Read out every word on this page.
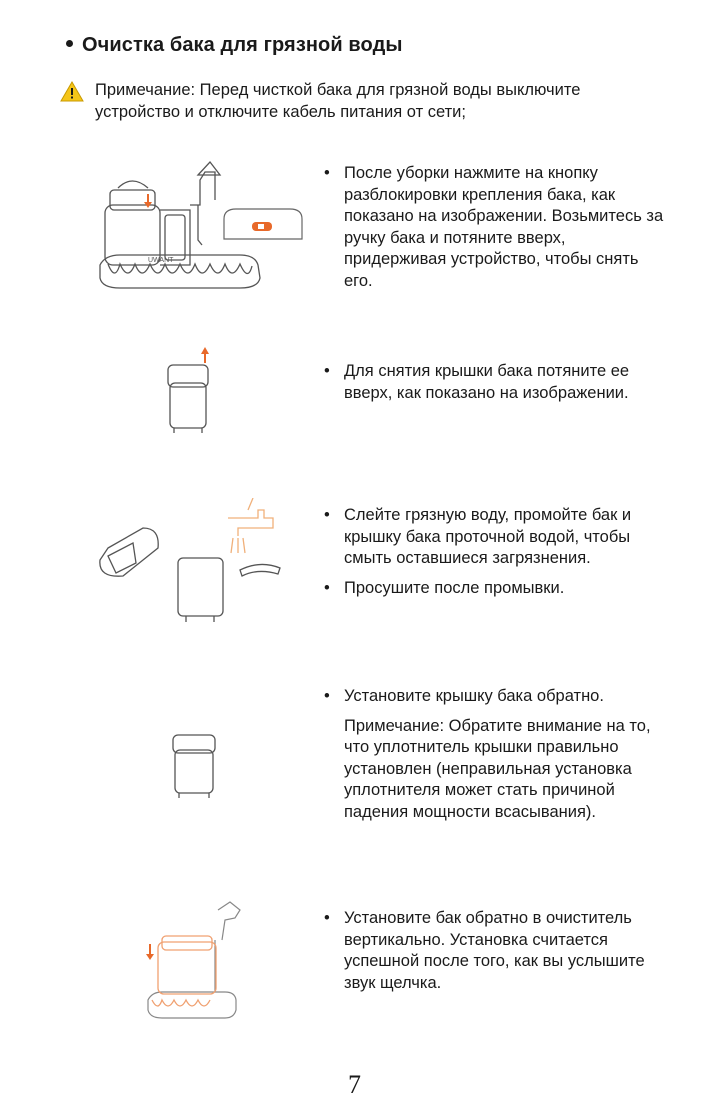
Очистка бака для грязной воды
Примечание: Перед чисткой бака для грязной воды выключите устройство и отключите кабель питания от сети;
UWANT
• После уборки нажмите на кнопку разблокировки крепления бака, как показано на изображении. Возьмитесь за ручку бака и потяните вверх, придерживая устройство, чтобы снять его.
• Для снятия крышки бака потяните ее вверх, как показано на изображении.
• Слейте грязную воду, промойте бак и крышку бака проточной водой, чтобы смыть оставшиеся загрязнения.
• Просушите после промывки.
• Установите крышку бака обратно.
Примечание: Обратите внимание на то, что уплотнитель крышки правильно установлен (неправильная установка уплотнителя может стать причиной падения мощности всасывания).
• Установите бак обратно в очиститель вертикально. Установка считается успешной после того, как вы услышите звук щелчка.
7
